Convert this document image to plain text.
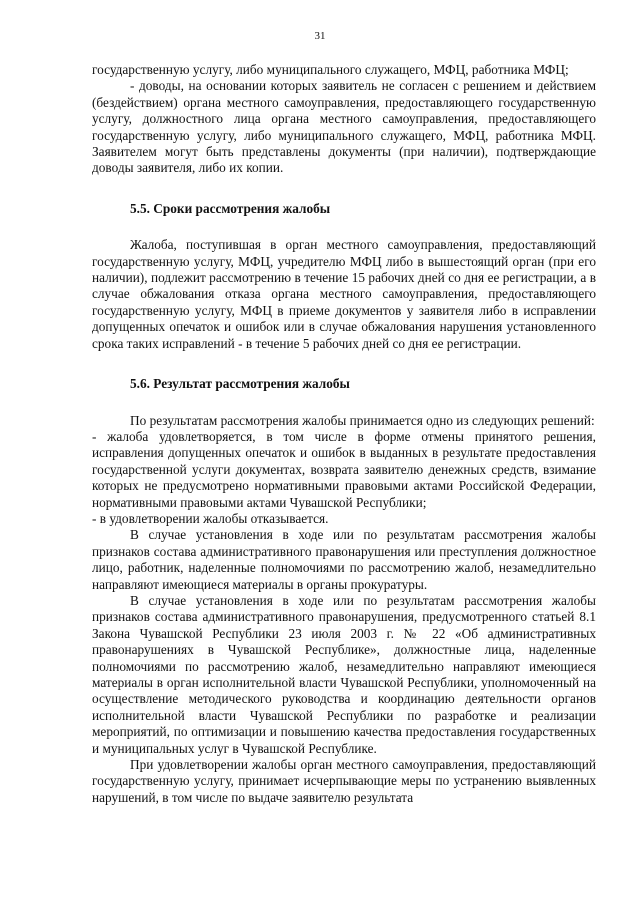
31

государственную услугу, либо муниципального служащего, МФЦ, работника МФЦ;

- доводы, на основании которых заявитель не согласен с решением и действием (бездействием) органа местного самоуправления, предоставляющего государственную услугу, должностного лица органа местного самоуправления, предоставляющего государственную услугу, либо муниципального служащего, МФЦ, работника МФЦ. Заявителем могут быть представлены документы (при наличии), подтверждающие доводы заявителя, либо их копии.

5.5. Сроки рассмотрения жалобы

Жалоба, поступившая в орган местного самоуправления, предоставляющий государственную услугу, МФЦ, учредителю МФЦ либо в вышестоящий орган (при его наличии), подлежит рассмотрению в течение 15 рабочих дней со дня ее регистрации, а в случае обжалования отказа органа местного самоуправления, предоставляющего государственную услугу, МФЦ в приеме документов у заявителя либо в исправлении допущенных опечаток и ошибок или в случае обжалования нарушения установленного срока таких исправлений - в течение 5 рабочих дней со дня ее регистрации.

5.6. Результат рассмотрения жалобы

По результатам рассмотрения жалобы принимается одно из следующих решений:

- жалоба удовлетворяется, в том числе в форме отмены принятого решения, исправления допущенных опечаток и ошибок в выданных в результате предоставления государственной услуги документах, возврата заявителю денежных средств, взимание которых не предусмотрено нормативными правовыми актами Российской Федерации, нормативными правовыми актами Чувашской Республики;

- в удовлетворении жалобы отказывается.

В случае установления в ходе или по результатам рассмотрения жалобы признаков состава административного правонарушения или преступления должностное лицо, работник, наделенные полномочиями по рассмотрению жалоб, незамедлительно направляют имеющиеся материалы в органы прокуратуры.

В случае установления в ходе или по результатам рассмотрения жалобы признаков состава административного правонарушения, предусмотренного статьей 8.1 Закона Чувашской Республики 23 июля 2003 г. № 22 «Об административных правонарушениях в Чувашской Республике», должностные лица, наделенные полномочиями по рассмотрению жалоб, незамедлительно направляют имеющиеся материалы в орган исполнительной власти Чувашской Республики, уполномоченный на осуществление методического руководства и координацию деятельности органов исполнительной власти Чувашской Республики по разработке и реализации мероприятий, по оптимизации и повышению качества предоставления государственных и муниципальных услуг в Чувашской Республике.

При удовлетворении жалобы орган местного самоуправления, предоставляющий государственную услугу, принимает исчерпывающие меры по устранению выявленных нарушений, в том числе по выдаче заявителю результата
